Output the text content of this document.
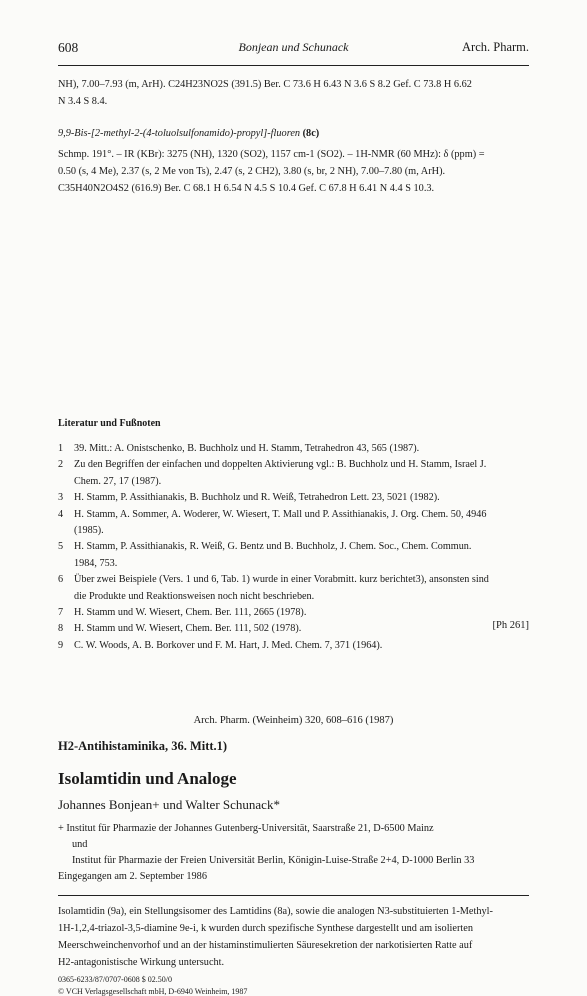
608	Bonjean und Schunack	Arch. Pharm.
NH), 7.00–7.93 (m, ArH). C24H23NO2S (391.5) Ber. C 73.6 H 6.43 N 3.6 S 8.2 Gef. C 73.8 H 6.62
N 3.4 S 8.4.
9,9-Bis-[2-methyl-2-(4-toluolsulfonamido)-propyl]-fluoren (8c)
Schmp. 191°. – IR (KBr): 3275 (NH), 1320 (SO2), 1157 cm-1 (SO2). – 1H-NMR (60 MHz): δ (ppm) =
0.50 (s, 4 Me), 2.37 (s, 2 Me von Ts), 2.47 (s, 2 CH2), 3.80 (s, br, 2 NH), 7.00–7.80 (m, ArH).
C35H40N2O4S2 (616.9) Ber. C 68.1 H 6.54 N 4.5 S 10.4 Gef. C 67.8 H 6.41 N 4.4 S 10.3.
Literatur und Fußnoten
1 39. Mitt.: A. Onistschenko, B. Buchholz und H. Stamm, Tetrahedron 43, 565 (1987).
2 Zu den Begriffen der einfachen und doppelten Aktivierung vgl.: B. Buchholz und H. Stamm, Israel J.
Chem. 27, 17 (1987).
3 H. Stamm, P. Assithianakis, B. Buchholz und R. Weiß, Tetrahedron Lett. 23, 5021 (1982).
4 H. Stamm, A. Sommer, A. Woderer, W. Wiesert, T. Mall und P. Assithianakis, J. Org. Chem. 50, 4946
(1985).
5 H. Stamm, P. Assithianakis, R. Weiß, G. Bentz und B. Buchholz, J. Chem. Soc., Chem. Commun.
1984, 753.
6 Über zwei Beispiele (Vers. 1 und 6, Tab. 1) wurde in einer Vorabmitt. kurz berichtet3), ansonsten sind
die Produkte und Reaktionsweisen noch nicht beschrieben.
7 H. Stamm und W. Wiesert, Chem. Ber. 111, 2665 (1978).
8 H. Stamm und W. Wiesert, Chem. Ber. 111, 502 (1978).
9 C. W. Woods, A. B. Borkover und F. M. Hart, J. Med. Chem. 7, 371 (1964).
[Ph 261]
Arch. Pharm. (Weinheim) 320, 608–616 (1987)
H2-Antihistaminika, 36. Mitt.1)
Isolamtidin und Analoge
Johannes Bonjean+ und Walter Schunack*
+ Institut für Pharmazie der Johannes Gutenberg-Universität, Saarstraße 21, D-6500 Mainz
und
Institut für Pharmazie der Freien Universität Berlin, Königin-Luise-Straße 2+4, D-1000 Berlin 33
Eingegangen am 2. September 1986
Isolamtidin (9a), ein Stellungsisomer des Lamtidins (8a), sowie die analogen N3-substituierten 1-Methyl-
1H-1,2,4-triazol-3,5-diamine 9e-i, k wurden durch spezifische Synthese dargestellt und am isolierten
Meerschweinchenvorhof und an der histaminstimulierten Säuresekretion der narkotisierten Ratte auf
H2-antagonistische Wirkung untersucht.
0365-6233/87/0707-0608 $ 02.50/0
© VCH Verlagsgesellschaft mbH, D-6940 Weinheim, 1987
